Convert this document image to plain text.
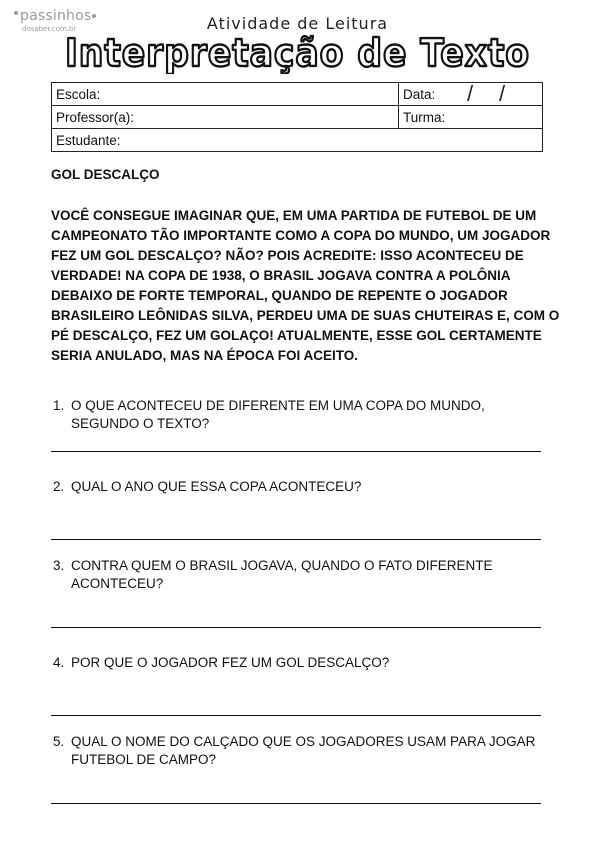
passinhos
dosaber.com.br	Atividade de Leitura
Interpretação de Texto
Escola:	Data: / /

Professor(a):	Turma:
Estudante:	
GOL DESCALÇO

VOCÊ CONSEGUE IMAGINAR QUE, EM UMA PARTIDA DE FUTEBOL DE UM CAMPEONATO TÃO IMPORTANTE COMO A COPA DO MUNDO, UM JOGADOR FEZ UM GOL DESCALÇO? NÃO? POIS ACREDITE: ISSO ACONTECEU DE VERDADE! NA COPA DE 1938, O BRASIL JOGAVA CONTRA A POLÔNIA DEBAIXO DE FORTE TEMPORAL, QUANDO DE REPENTE O JOGADOR BRASILEIRO LEÔNIDAS SILVA, PERDEU UMA DE SUAS CHUTEIRAS E, COM O PÉ DESCALÇO, FEZ UM GOLAÇO! ATUALMENTE, ESSE GOL CERTAMENTE SERIA ANULADO, MAS NA ÉPOCA FOI ACEITO.

1. O QUE ACONTECEU DE DIFERENTE EM UMA COPA DO MUNDO, SEGUNDO O TEXTO?
2. QUAL O ANO QUE ESSA COPA ACONTECEU?
3. CONTRA QUEM O BRASIL JOGAVA, QUANDO O FATO DIFERENTE ACONTECEU?
4. POR QUE O JOGADOR FEZ UM GOL DESCALÇO?
5. QUAL O NOME DO CALÇADO QUE OS JOGADORES USAM PARA JOGAR FUTEBOL DE CAMPO?
